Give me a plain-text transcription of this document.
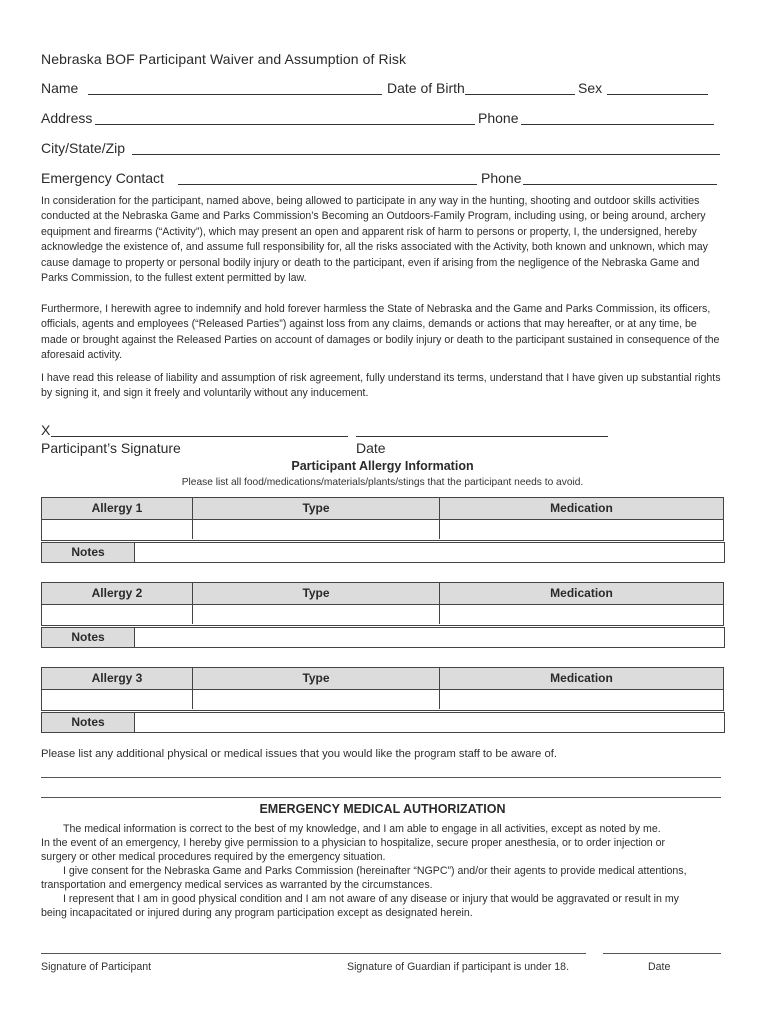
Nebraska BOF Participant Waiver and Assumption of Risk
Name	Date of Birth	Sex
Address	Phone
City/State/Zip
Emergency Contact	Phone

In consideration for the participant, named above, being allowed to participate in any way in the hunting, shooting and outdoor skills activities conducted at the Nebraska Game and Parks Commission’s Becoming an Outdoors-Family Program, including using, or being around, archery equipment and firearms (“Activity”), which may present an open and apparent risk of harm to persons or property, I, the undersigned, hereby acknowledge the existence of, and assume full responsibility for, all the risks associated with the Activity, both known and unknown, which may cause damage to property or personal bodily injury or death to the participant, even if arising from the negligence of the Nebraska Game and Parks Commission, to the fullest extent permitted by law.

Furthermore, I herewith agree to indemnify and hold forever harmless the State of Nebraska and the Game and Parks Commission, its officers, officials, agents and employees (“Released Parties”) against loss from any claims, demands or actions that may hereafter, or at any time, be made or brought against the Released Parties on account of damages or bodily injury or death to the participant sustained in consequence of the aforesaid activity.

I have read this release of liability and assumption of risk agreement, fully understand its terms, understand that I have given up substantial rights by signing it, and sign it freely and voluntarily without any inducement.

X
Participant’s Signature	Date
Participant Allergy Information
Please list all food/medications/materials/plants/stings that the participant needs to avoid.
Allergy 1	Type	Medication
Notes
Allergy 2	Type	Medication
Notes
Allergy 3	Type	Medication
Notes
Please list any additional physical or medical issues that you would like the program staff to be aware of.
EMERGENCY MEDICAL AUTHORIZATION
The medical information is correct to the best of my knowledge, and I am able to engage in all activities, except as noted by me.
In the event of an emergency, I hereby give permission to a physician to hospitalize, secure proper anesthesia, or to order injection or
surgery or other medical procedures required by the emergency situation.
I give consent for the Nebraska Game and Parks Commission (hereinafter “NGPC”) and/or their agents to provide medical attentions,
transportation and emergency medical services as warranted by the circumstances.
I represent that I am in good physical condition and I am not aware of any disease or injury that would be aggravated or result in my
being incapacitated or injured during any program participation except as designated herein.
Signature of Participant	Signature of Guardian if participant is under 18.	Date
